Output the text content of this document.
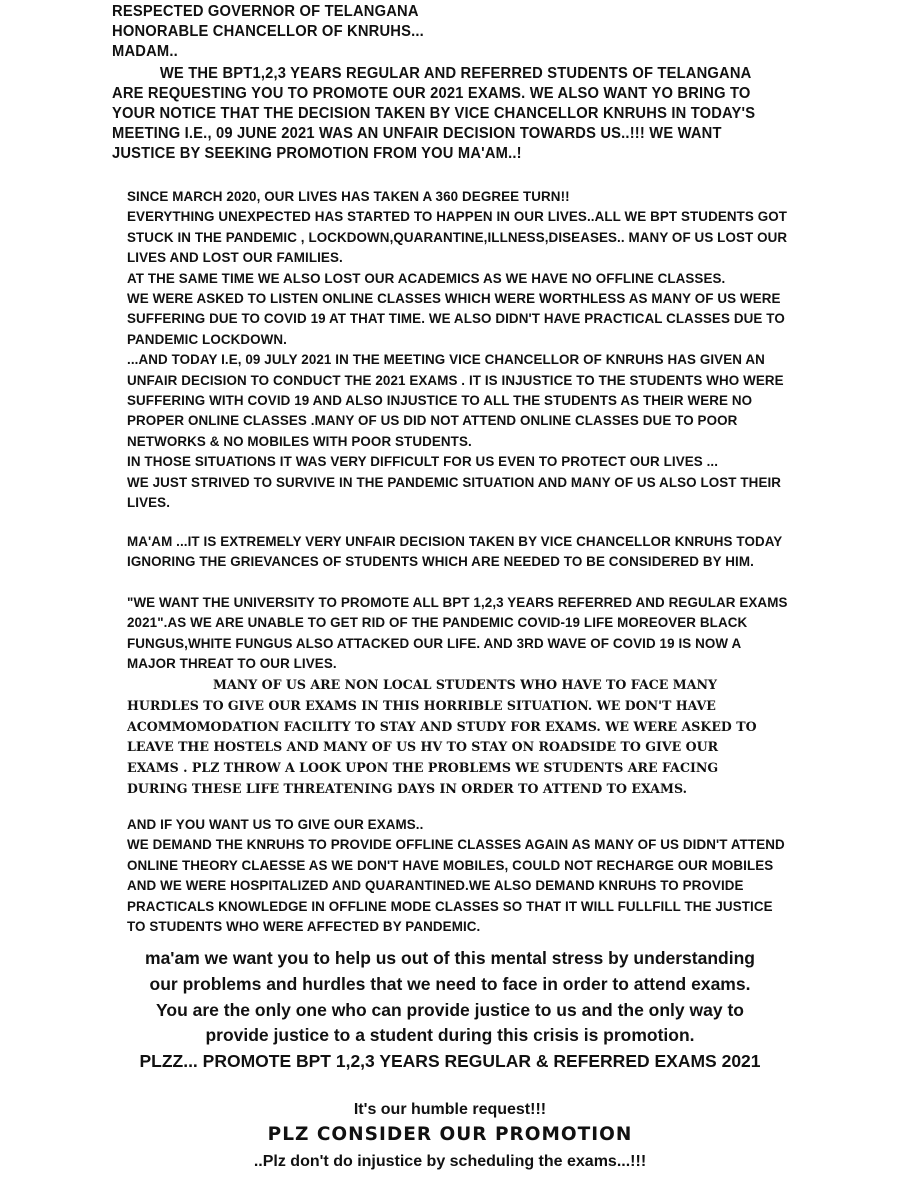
RESPECTED GOVERNOR OF TELANGANA
HONORABLE CHANCELLOR OF KNRUHS...
MADAM..
WE THE BPT1,2,3 YEARS REGULAR AND REFERRED STUDENTS OF TELANGANA ARE REQUESTING YOU TO PROMOTE OUR 2021 EXAMS. WE ALSO WANT YO BRING TO YOUR NOTICE THAT THE DECISION TAKEN BY VICE CHANCELLOR KNRUHS IN TODAY'S MEETING I.E., 09 JUNE 2021 WAS AN UNFAIR DECISION TOWARDS US..!!! WE WANT JUSTICE BY SEEKING PROMOTION FROM YOU MA'AM..!

SINCE MARCH 2020, OUR LIVES HAS TAKEN A 360 DEGREE TURN!!

EVERYTHING UNEXPECTED HAS STARTED TO HAPPEN IN OUR LIVES..ALL WE BPT STUDENTS GOT STUCK IN THE PANDEMIC , LOCKDOWN,QUARANTINE,ILLNESS,DISEASES.. MANY OF US LOST OUR LIVES AND LOST OUR FAMILIES.

AT THE SAME TIME WE ALSO LOST OUR ACADEMICS AS WE HAVE NO OFFLINE CLASSES.

WE WERE ASKED TO LISTEN ONLINE CLASSES WHICH WERE WORTHLESS AS MANY OF US WERE SUFFERING DUE TO COVID 19 AT THAT TIME. WE ALSO DIDN'T HAVE PRACTICAL CLASSES DUE TO PANDEMIC LOCKDOWN.

...AND TODAY I.E, 09 JULY 2021 IN THE MEETING VICE CHANCELLOR OF KNRUHS HAS GIVEN AN UNFAIR DECISION TO CONDUCT THE 2021 EXAMS . IT IS INJUSTICE TO THE STUDENTS WHO WERE SUFFERING WITH COVID 19 AND ALSO INJUSTICE TO ALL THE STUDENTS AS THEIR WERE NO PROPER ONLINE CLASSES .MANY OF US DID NOT ATTEND ONLINE CLASSES DUE TO POOR NETWORKS & NO MOBILES WITH POOR STUDENTS.

IN THOSE SITUATIONS IT WAS VERY DIFFICULT FOR US EVEN TO PROTECT OUR LIVES ...

WE JUST STRIVED TO SURVIVE IN THE PANDEMIC SITUATION AND MANY OF US ALSO LOST THEIR LIVES.

MA'AM ...IT IS EXTREMELY VERY UNFAIR DECISION TAKEN BY VICE CHANCELLOR KNRUHS TODAY IGNORING THE GRIEVANCES OF STUDENTS WHICH ARE NEEDED TO BE CONSIDERED BY HIM.

"WE WANT THE UNIVERSITY TO PROMOTE ALL BPT 1,2,3 YEARS REFERRED AND REGULAR EXAMS 2021".AS WE ARE UNABLE TO GET RID OF THE PANDEMIC COVID-19 LIFE MOREOVER BLACK FUNGUS,WHITE FUNGUS ALSO ATTACKED OUR LIFE. AND 3RD WAVE OF COVID 19 IS NOW A MAJOR THREAT TO OUR LIVES.

MANY OF US ARE NON LOCAL STUDENTS WHO HAVE TO FACE MANY HURDLES TO GIVE OUR EXAMS IN THIS HORRIBLE SITUATION. WE DON'T HAVE ACOMMOMODATION FACILITY TO STAY AND STUDY FOR EXAMS. WE WERE ASKED TO LEAVE THE HOSTELS AND MANY OF US HV TO STAY ON ROADSIDE TO GIVE OUR EXAMS . PLZ THROW A LOOK UPON THE PROBLEMS WE STUDENTS ARE FACING DURING THESE LIFE THREATENING DAYS IN ORDER TO ATTEND TO EXAMS.

AND IF YOU WANT US TO GIVE OUR EXAMS..

WE DEMAND THE KNRUHS TO PROVIDE OFFLINE CLASSES AGAIN AS MANY OF US DIDN'T ATTEND ONLINE THEORY CLAESSE AS WE DON'T HAVE MOBILES, COULD NOT RECHARGE OUR MOBILES AND WE WERE HOSPITALIZED AND QUARANTINED.WE ALSO DEMAND KNRUHS TO PROVIDE PRACTICALS KNOWLEDGE IN OFFLINE MODE CLASSES SO THAT IT WILL FULLFILL THE JUSTICE TO STUDENTS WHO WERE AFFECTED BY PANDEMIC.

ma'am we want you to help us out of this mental stress by understanding
our problems and hurdles that we need to face in order to attend exams.
You are the only one who can provide justice to us and the only way to
provide justice to a student during this crisis is promotion.
PLZZ... PROMOTE BPT 1,2,3 YEARS REGULAR & REFERRED EXAMS 2021
It's our humble request!!!
PLZ CONSIDER OUR PROMOTION
..Plz don't do injustice by scheduling the exams...!!!
